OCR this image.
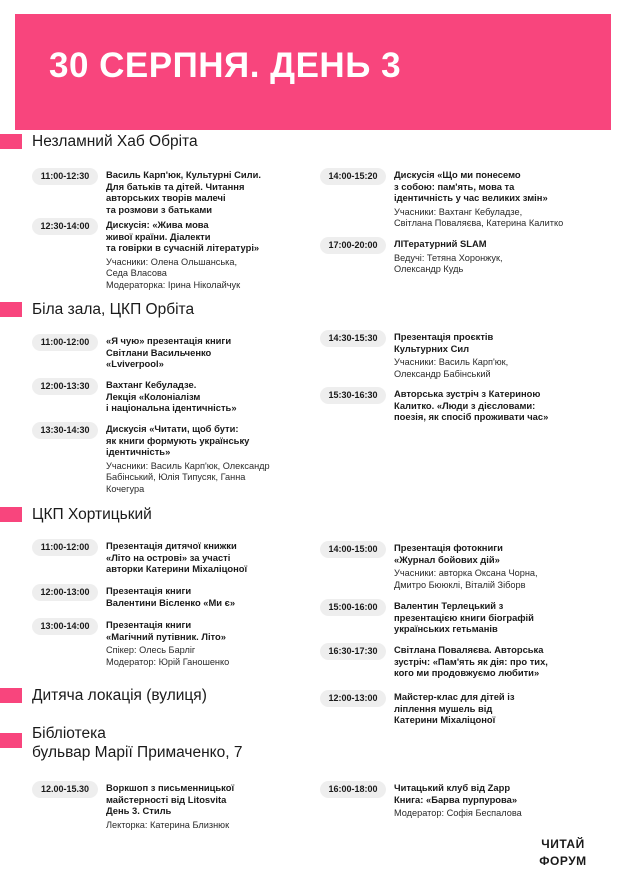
30 СЕРПНЯ. ДЕНЬ 3
Незламний Хаб Обріта
11:00-12:30	Василь Карп'юк, Культурні Сили.
Для батьків та дітей. Читання
авторських творів малечі
та розмови з батьками
12:30-14:00	Дискусія: «Жива мова
живої країни. Діалекти
та говірки в сучасній літературі»
Учасники: Олена Ольшанська,
Седа Власова
Модераторка: Ірина Ніколайчук
14:00-15:20	Дискусія «Що ми понесемо
з собою: пам'ять, мова та
ідентичність у час великих змін»
Учасники: Вахтанг Кебуладзе,
Світлана Поваляєва, Катерина Калитко
17:00-20:00	ЛІТературний SLAM
Ведучі: Тетяна Хоронжук,
Олександр Кудь
Біла зала, ЦКП Орбіта
11:00-12:00	«Я чую» презентація книги
Світлани Васильченко
«Lviverpool»
12:00-13:30	Вахтанг Кебуладзе.
Лекція «Колоніалізм
і національна ідентичність»
13:30-14:30	Дискусія «Читати, щоб бути:
як книги формують українську
ідентичність»
Учасники: Василь Карп'юк, Олександр
Бабінський, Юлія Типусяк, Ганна
Кочегура
14:30-15:30	Презентація проєктів
Культурних Сил
Учасники: Василь Карп'юк,
Олександр Бабінський
15:30-16:30	Авторська зустріч з Катериною
Калитко. «Люди з дієсловами:
поезія, як спосіб проживати час»
ЦКП Хортицький
11:00-12:00	Презентація дитячої книжки
«Літо на острові» за участі
авторки Катерини Міхаліцоної
12:00-13:00	Презентація книги
Валентини Вісленко «Ми є»
13:00-14:00	Презентація книги
«Магічний путівник. Літо»
Спікер: Олесь Барліг
Модератор: Юрій Ганошенко
14:00-15:00	Презентація фотокниги
«Журнал бойових дій»
Учасники: авторка Оксана Чорна,
Дмитро Бююклі, Віталій Зіборв
15:00-16:00	Валентин Терлецький з
презентацією книги біографій
українських гетьманів
16:30-17:30	Світлана Поваляєва. Авторська
зустріч: «Пам'ять як дія: про тих,
кого ми продовжуємо любити»
Дитяча локація (вулиця)	12:00-13:00	Майстер-клас для дітей із
ліплення мушель від
Катерини Міхаліцоної
Бібліотека
бульвар Марії Примаченко, 7
12.00-15.30	Воркшоп з письменницької
майстерності від Litosvita
День 3. Стиль
Лекторка: Катерина Близнюк
16:00-18:00	Читацький клуб від Zapp
Книга: «Барва пурпурова»
Модератор: Софія Беспалова
ЧИТАЙ
ФОРУМ
